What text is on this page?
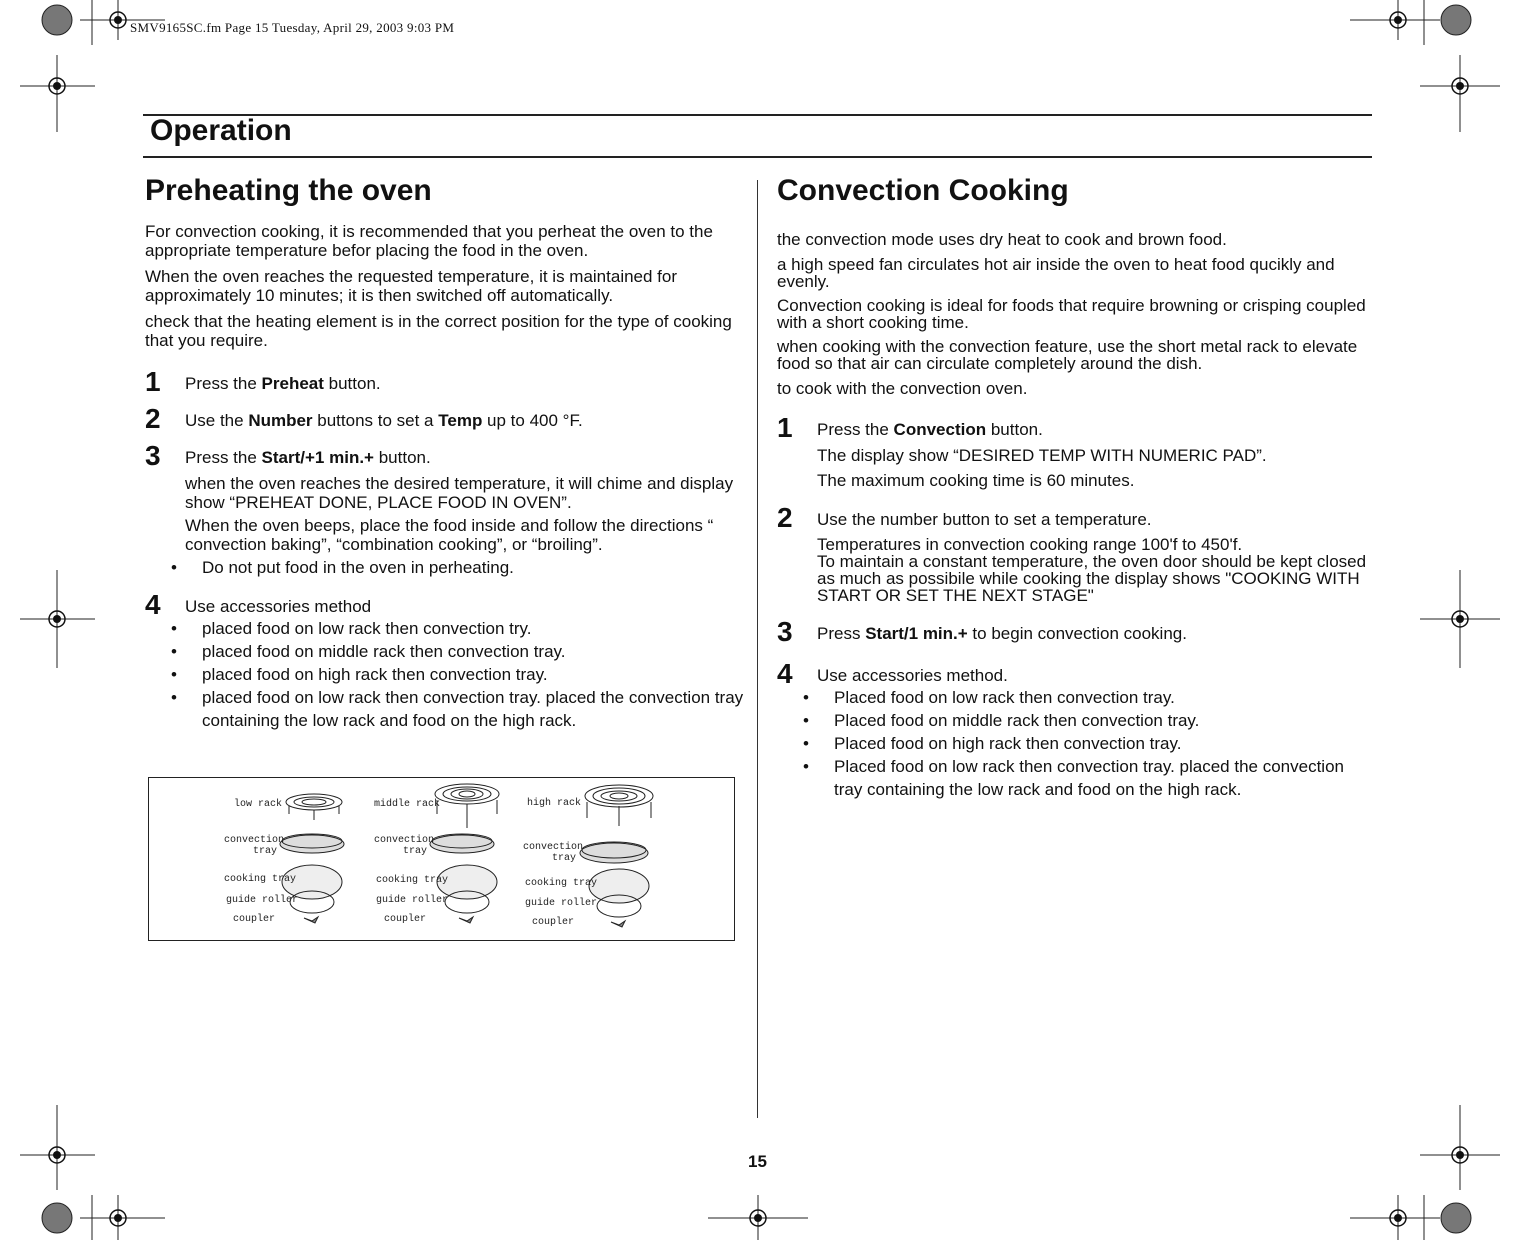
SMV9165SC.fm Page 15 Tuesday, April 29, 2003 9:03 PM
Operation
Preheating the oven

For convection cooking, it is recommended that you perheat the oven to the appropriate temperature befor placing the food in the oven.

When the oven reaches the requested temperature, it is maintained for approximately 10 minutes; it is then switched off automatically.

check that the heating element is in the correct position for the type of cooking that you require.

1 Press the Preheat button.
2 Use the Number buttons to set a Temp up to 400 °F.
3 Press the Start/+1 min.+ button.

when the oven reaches the desired temperature, it will chime and display show “PREHEAT DONE, PLACE FOOD IN OVEN”.

When the oven beeps, place the food inside and follow the directions “ convection baking”, “combination cooking”, or “broiling”.

• Do not put food in the oven in perheating.
4 Use accessories method
• placed food on low rack then convection try.
• placed food on middle rack then convection tray.
• placed food on high rack then convection tray.
• placed food on low rack then convection tray. placed the convection tray containing the low rack and food on the high rack.
low rack	middle rack	high rack
convection
tray
convection
tray	convection
tray
cooking tray	cooking tray	cooking tray
guide roller	guide roller	guide roller
coupler	coupler	coupler
Convection Cooking

the convection mode uses dry heat to cook and brown food.

a high speed fan circulates hot air inside the oven to heat food qucikly and evenly.

Convection cooking is ideal for foods that require browning or crisping coupled with a short cooking time.

when cooking with the convection feature, use the short metal rack to elevate food so that air can circulate completely around the dish.

to cook with the convection oven.

1 Press the Convection button.

The display show “DESIRED TEMP WITH NUMERIC PAD”.

The maximum cooking time is 60 minutes.

2 Use the number button to set a temperature.

Temperatures in convection cooking range 100'f to 450'f.

To maintain a constant temperature, the oven door should be kept closed as much as possibile while cooking the display shows "COOKING WITH START OR SET THE NEXT STAGE"

3 Press Start/1 min.+ to begin convection cooking.
4 Use accessories method.
• Placed food on low rack then convection tray.
• Placed food on middle rack then convection tray.
• Placed food on high rack then convection tray.
• Placed food on low rack then convection tray. placed the convection tray containing the low rack and food on the high rack.
15
